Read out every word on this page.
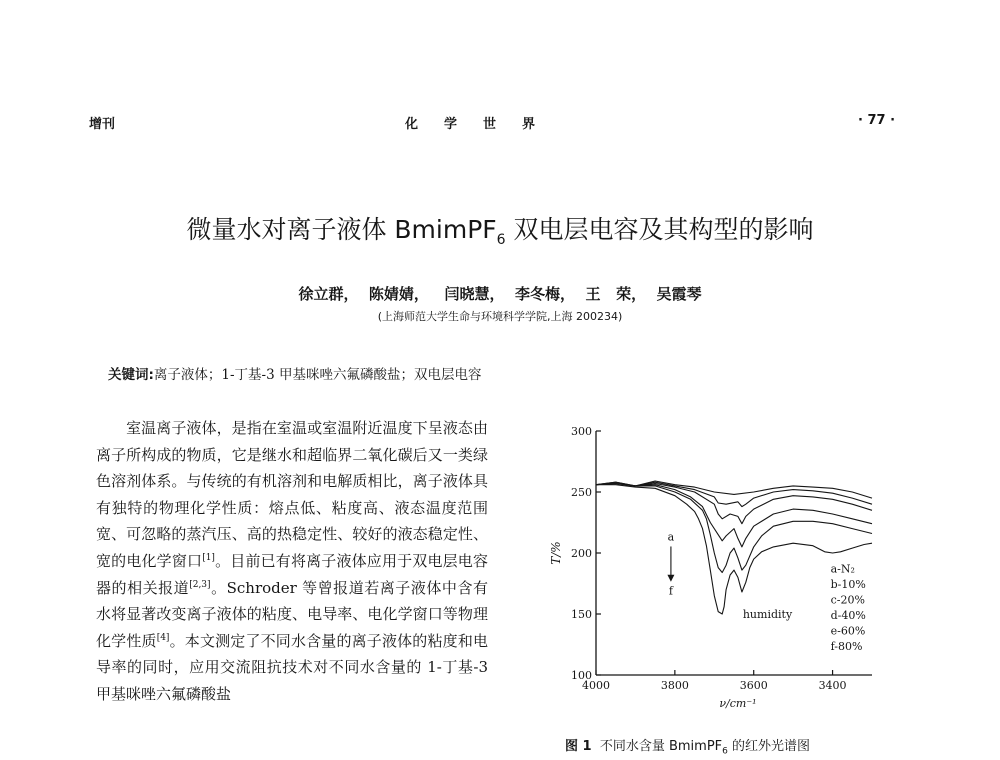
增刊	化学世界	· 77 ·
微量水对离子液体 BmimPF$_6$ 双电层电容及其构型的影响
徐立群，  陈婧婧，   闫晓慧，  李冬梅，  王   荣，  吴霞琴
(上海师范大学生命与环境科学学院,上海 200234)
关键词:离子液体；1-丁基-3 甲基咪唑六氟磷酸盐；双电层电容

室温离子液体，是指在室温或室温附近温度下呈液态由离子所构成的物质，它是继水和超临界二氧化碳后又一类绿色溶剂体系。与传统的有机溶剂和电解质相比，离子液体具有独特的物理化学性质：熔点低、粘度高、液态温度范围宽、可忽略的蒸汽压、高的热稳定性、较好的液态稳定性、宽的电化学窗口[1]。目前已有将离子液体应用于双电层电容器的相关报道[2,3]。Schroder 等曾报道若离子液体中含有水将显著改变离子液体的粘度、电导率、电化学窗口等物理化学性质[4]。本文测定了不同水含量的离子液体的粘度和电导率的同时，应用交流阻抗技术对不同水含量的 1-丁基-3 甲基咪唑六氟磷酸盐

100
150
200
250
300
4000	3800	3600	3400
T/%
ν/cm⁻¹
a
f
humidity
a-N₂
b-10%
c-20%
d-40%
e-60%
f-80%
图 1 不同水含量 BmimPF$_6$ 的红外光谱图
